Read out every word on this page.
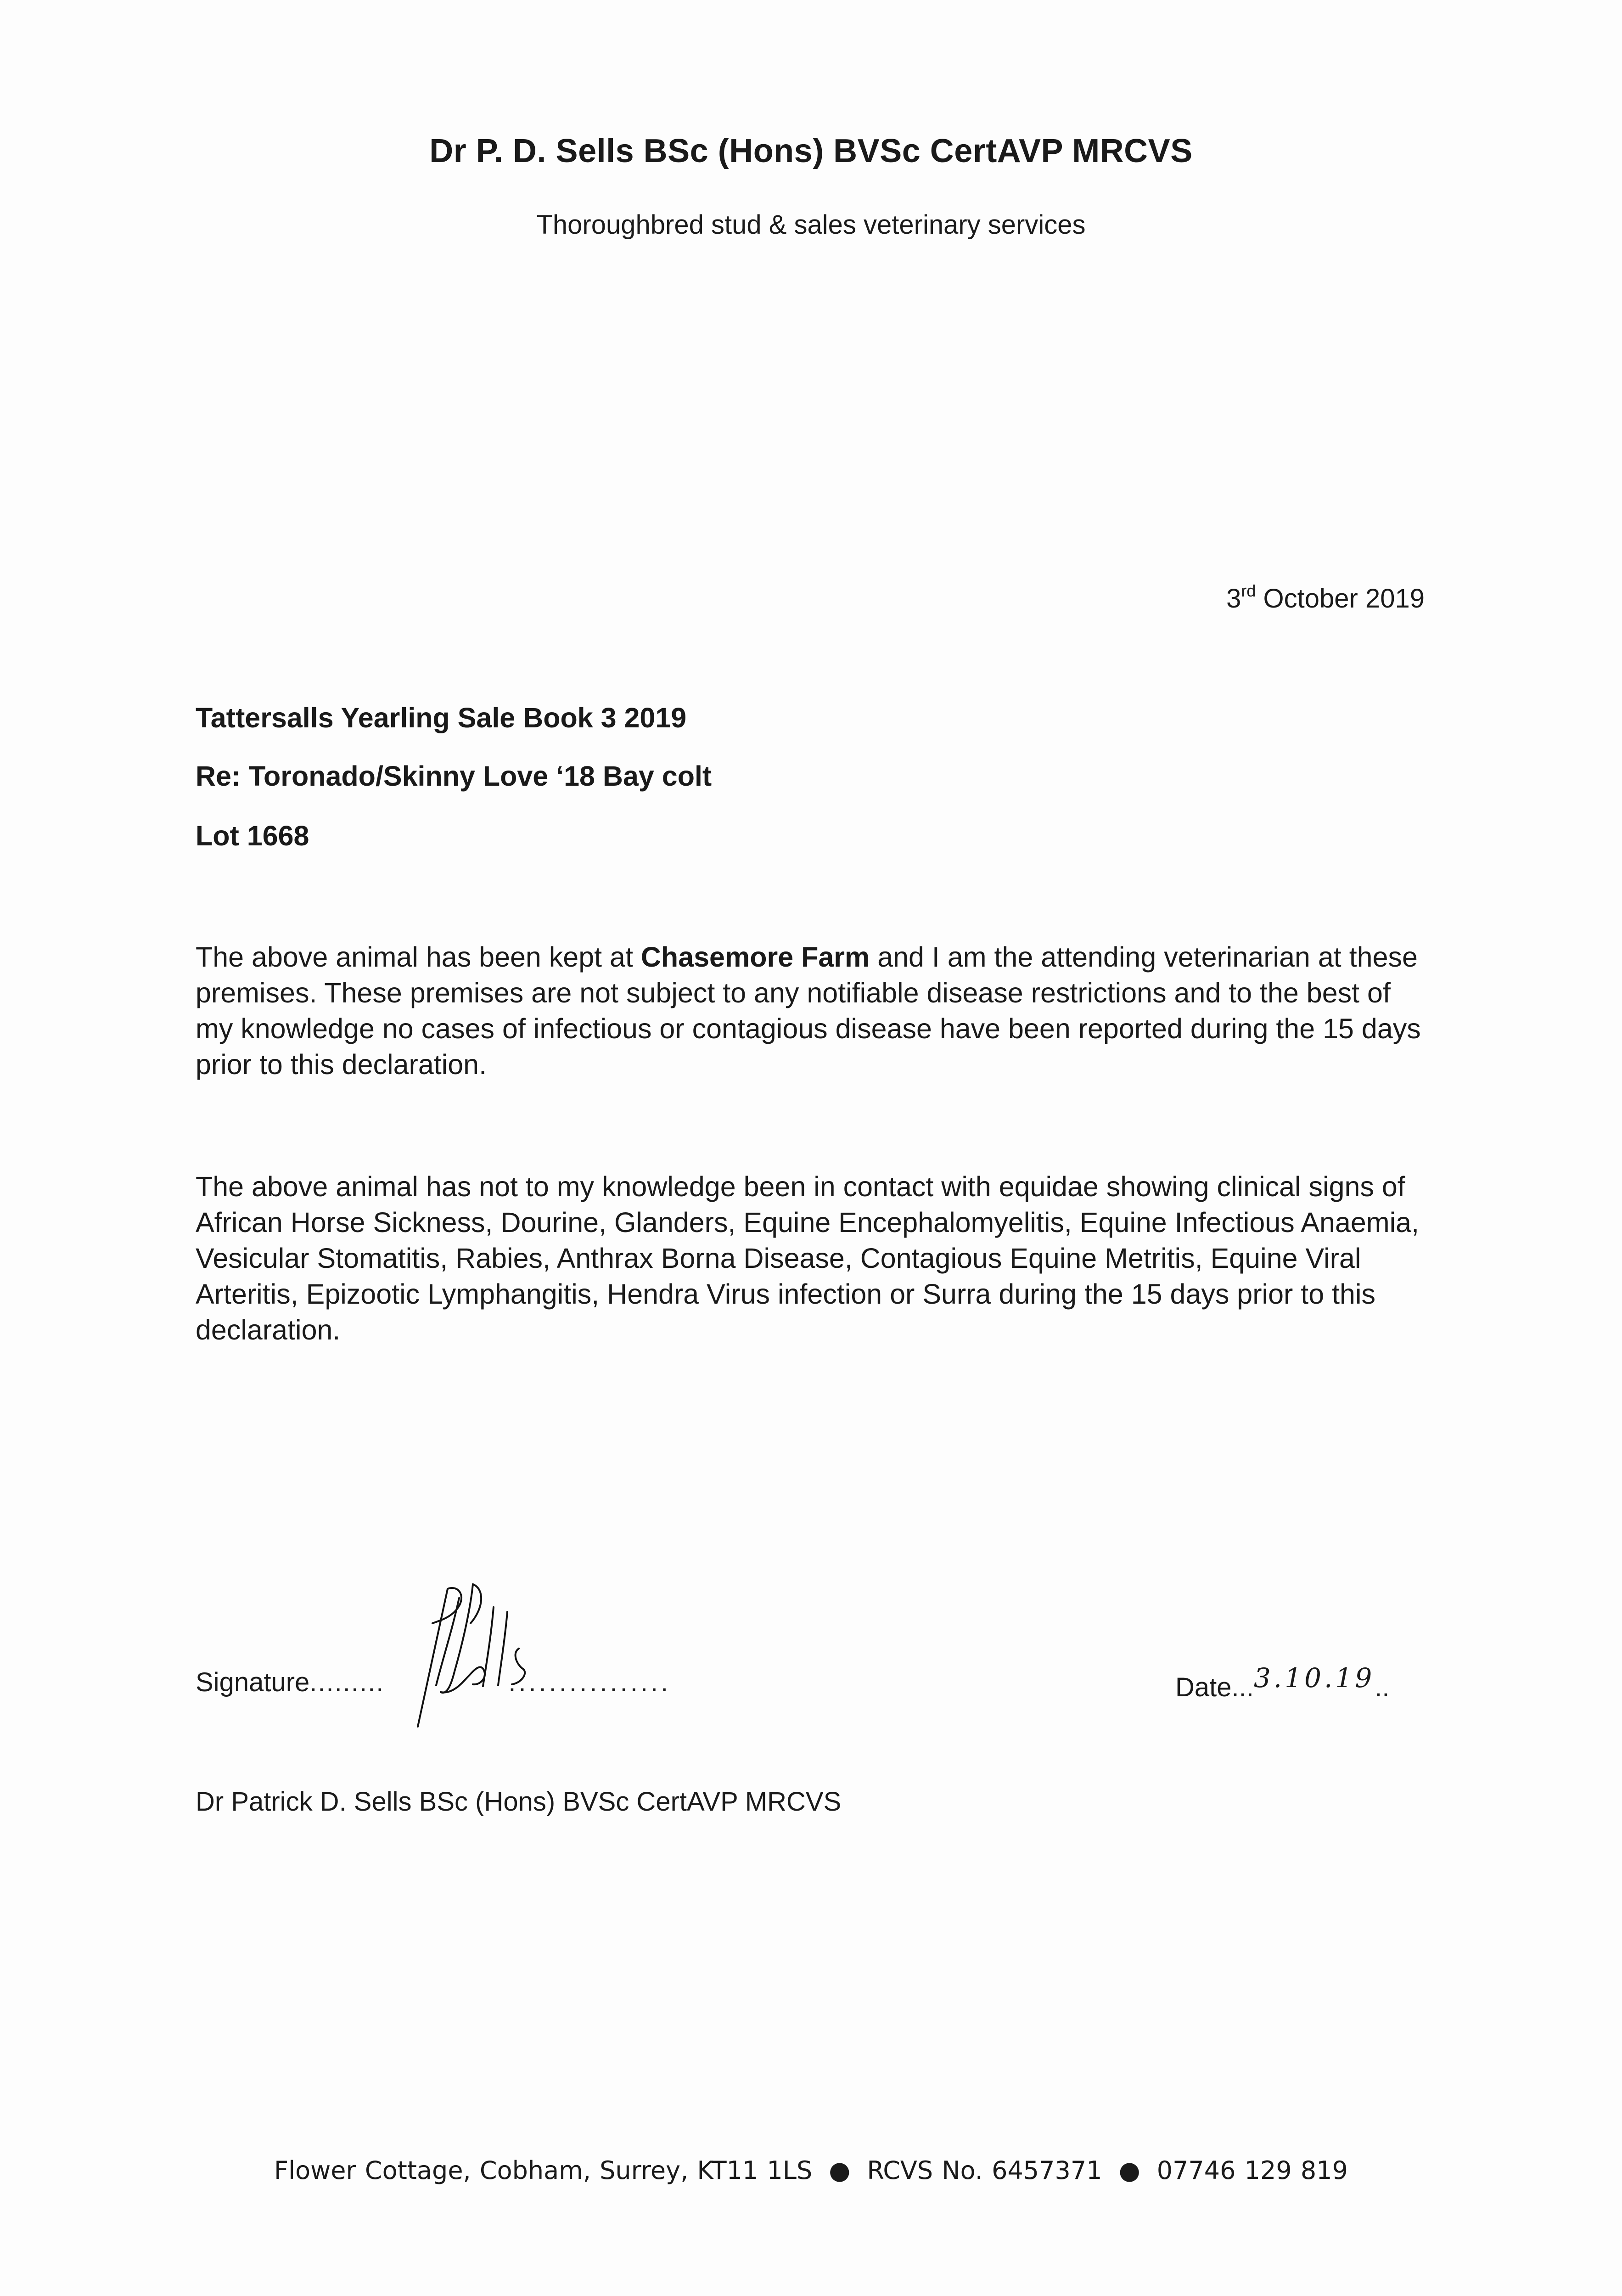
Dr P. D. Sells BSc (Hons) BVSc CertAVP MRCVS
Thoroughbred stud & sales veterinary services
3rd October 2019
Tattersalls Yearling Sale Book 3 2019
Re: Toronado/Skinny Love ‘18 Bay colt
Lot 1668
The above animal has been kept at Chasemore Farm and I am the attending veterinarian at these premises. These premises are not subject to any notifiable disease restrictions and to the best of my knowledge no cases of infectious or contagious disease have been reported during the 15 days prior to this declaration.
The above animal has not to my knowledge been in contact with equidae showing clinical signs of African Horse Sickness, Dourine, Glanders, Equine Encephalomyelitis, Equine Infectious Anaemia, Vesicular Stomatitis, Rabies, Anthrax Borna Disease, Contagious Equine Metritis, Equine Viral Arteritis, Epizootic Lymphangitis, Hendra Virus infection or Surra during the 15 days prior to this declaration.
Signature.........	................	Date...3.10.19..
Dr Patrick D. Sells BSc (Hons) BVSc CertAVP MRCVS
Flower Cottage, Cobham, Surrey, KT11 1LS ● RCVS No. 6457371 ● 07746 129 819
